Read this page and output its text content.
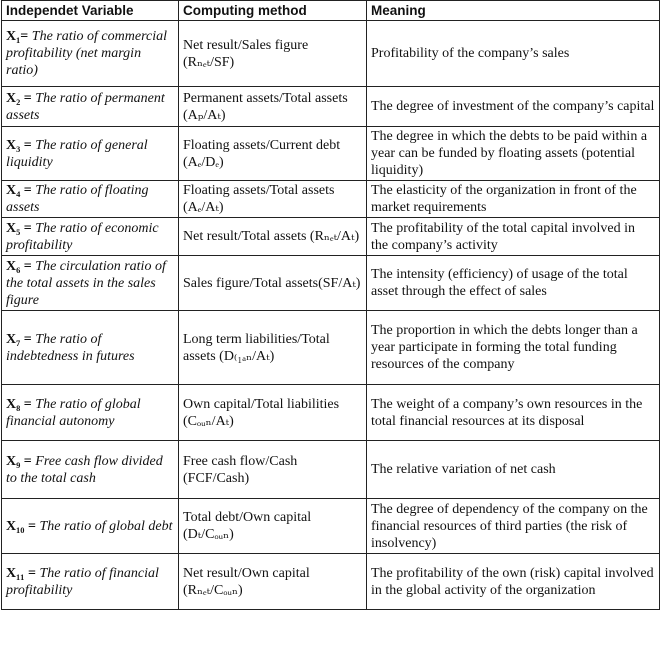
Independet Variable	Computing method	Meaning
X₁= The ratio of commercial profitability (net margin ratio)	Net result/Sales figure (Rₙₑₜ/SF)	Profitability of the company’s sales
X₂ = The ratio of permanent assets	Permanent assets/Total assets (Aₚ/Aₜ)	The degree of investment of the company’s capital
X₃ = The ratio of general liquidity	Floating assets/Current debt (Aₑ/Dₑ)	The degree in which the debts to be paid within a year can be funded by floating assets (potential liquidity)
X₄ = The ratio of floating assets	Floating assets/Total assets (Aₑ/Aₜ)	The elasticity of the organization in front of the market requirements
X₅ = The ratio of economic profitability	Net result/Total assets (Rₙₑₜ/Aₜ)	The profitability of the total capital involved in the company’s activity
X₆ = The circulation ratio of the total assets in the sales figure	Sales figure/Total assets(SF/Aₜ)	The intensity (efficiency) of usage of the total asset through the effect of sales
X₇ = The ratio of indebtedness in futures	Long term liabilities/Total assets (D₍₁ₐₙ/Aₜ)	The proportion in which the debts longer than a year participate in forming the total funding resources of the company
X₈ = The ratio of global financial autonomy	Own capital/Total liabilities (Cₒᵤₙ/Aₜ)	The weight of a company’s own resources in the total financial resources at its disposal
X₉ = Free cash flow divided to the total cash	Free cash flow/Cash (FCF/Cash)	The relative variation of net cash
X₁₀ = The ratio of global debt	Total debt/Own capital (Dₜ/Cₒᵤₙ)	The degree of dependency of the company on the financial resources of third parties (the risk of insolvency)
X₁₁ = The ratio of financial profitability	Net result/Own capital (Rₙₑₜ/Cₒᵤₙ)	The profitability of the own (risk) capital involved in the global activity of the organization
